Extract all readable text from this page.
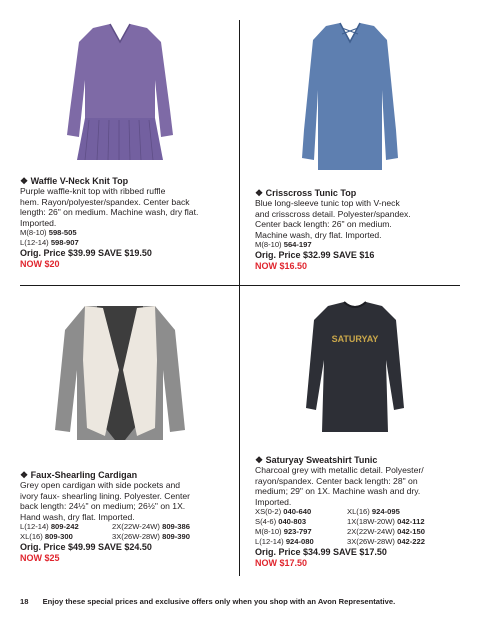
SATURYAY
❖ Waffle V-Neck Knit Top
Purple waffle-knit top with ribbed ruffle
hem. Rayon/polyester/spandex. Center back
length: 26" on medium. Machine wash, dry flat.
Imported.
M(8-10) 598-505
L(12-14) 598-907
Orig. Price $39.99 SAVE $19.50
NOW $20
❖ Crisscross Tunic Top
Blue long-sleeve tunic top with V-neck
and crisscross detail. Polyester/spandex.
Center back length: 26" on medium.
Machine wash, dry flat. Imported.
M(8-10) 564-197
Orig. Price $32.99 SAVE $16
NOW $16.50
❖ Faux-Shearling Cardigan
Grey open cardigan with side pockets and
ivory faux- shearling lining. Polyester. Center
back length: 24½" on medium; 26½" on 1X.
Hand wash, dry flat. Imported.
L(12-14) 809-242	2X(22W-24W) 809-386
XL(16) 809-300	3X(26W-28W) 809-390
Orig. Price $49.99 SAVE $24.50
NOW $25
❖ Saturyay Sweatshirt Tunic
Charcoal grey with metallic detail. Polyester/
rayon/spandex. Center back length: 28" on
medium; 29" on 1X. Machine wash and dry.
Imported.
XS(0-2) 040-640	XL(16) 924-095
S(4-6) 040-803	1X(18W-20W) 042-112
M(8-10) 923-797	2X(22W-24W) 042-150
L(12-14) 924-080	3X(26W-28W) 042-222
Orig. Price $34.99 SAVE $17.50
NOW $17.50
18 Enjoy these special prices and exclusive offers only when you shop with an Avon Representative.
